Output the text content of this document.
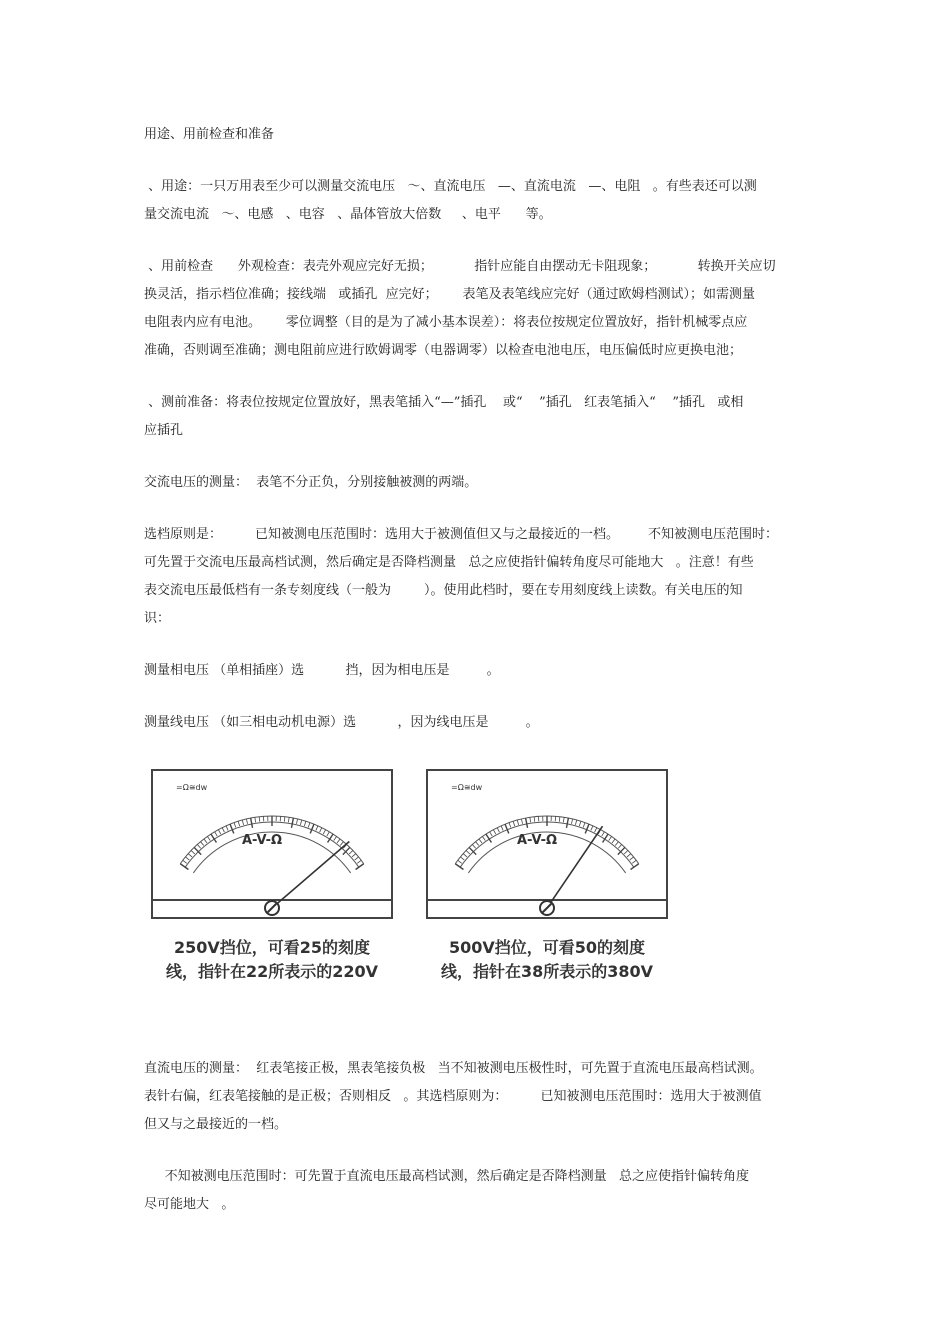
用途、用前检查和准备
、用途：一只万用表至少可以测量交流电压   ～、直流电压   —、直流电流   —、电阻   。有些表还可以测
量交流电流   ～、电感   、电容   、晶体管放大倍数     、电平      等。
、用前检查      外观检查：表壳外观应完好无损；          指针应能自由摆动无卡阻现象；          转换开关应切
换灵活，指示档位准确；接线端   或插孔  应完好；      表笔及表笔线应完好（通过欧姆档测试）；如需测量
电阻表内应有电池。      零位调整（目的是为了减小基本误差）：将表位按规定位置放好，指针机械零点应
准确，否则调至准确；测电阻前应进行欧姆调零（电器调零）以检查电池电压，电压偏低时应更换电池；
、测前准备：将表位按规定位置放好，黑表笔插入“—”插孔    或“    ”插孔   红表笔插入“    ”插孔   或相
应插孔
交流电压的测量：  表笔不分正负，分别接触被测的两端。
选档原则是：        已知被测电压范围时：选用大于被测值但又与之最接近的一档。       不知被测电压范围时：
可先置于交流电压最高档试测，然后确定是否降档测量   总之应使指针偏转角度尽可能地大   。注意！有些
表交流电压最低档有一条专刻度线（一般为        ）。使用此档时，要在专用刻度线上读数。有关电压的知
识：
测量相电压 （单相插座）选          挡，因为相电压是         。
测量线电压 （如三相电动机电源）选          ，因为线电压是         。
直流电压的测量：  红表笔接正极，黑表笔接负极   当不知被测电压极性时，可先置于直流电压最高档试测。
表针右偏，红表笔接触的是正极；否则相反   。其选档原则为：        已知被测电压范围时：选用大于被测值
但又与之最接近的一档。
不知被测电压范围时：可先置于直流电压最高档试测，然后确定是否降档测量   总之应使指针偏转角度
尽可能地大   。
=Ω≅dw
A-V-Ω
250V挡位，可看25的刻度
线，指针在22所表示的220V
=Ω≅dw
A-V-Ω
500V挡位，可看50的刻度
线，指针在38所表示的380V
